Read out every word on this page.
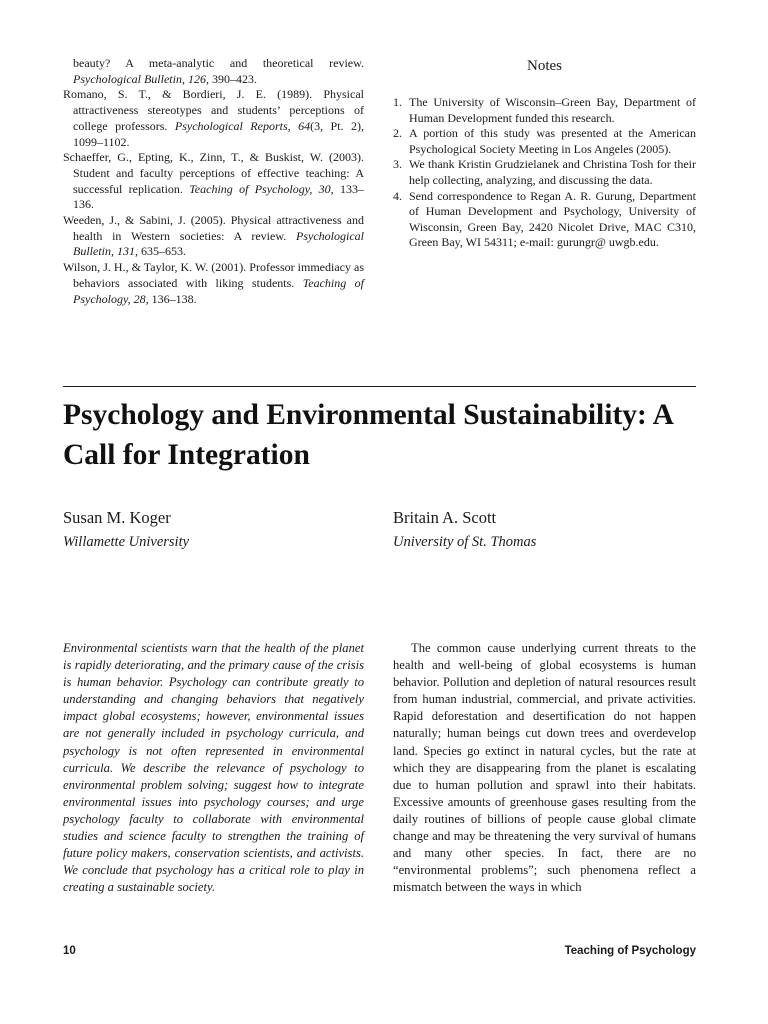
beauty? A meta-analytic and theoretical review. Psychological Bulletin, 126, 390–423.

Romano, S. T., & Bordieri, J. E. (1989). Physical attractiveness stereotypes and students’ perceptions of college professors. Psychological Reports, 64(3, Pt. 2), 1099–1102.

Schaeffer, G., Epting, K., Zinn, T., & Buskist, W. (2003). Student and faculty perceptions of effective teaching: A successful replication. Teaching of Psychology, 30, 133–136.

Weeden, J., & Sabini, J. (2005). Physical attractiveness and health in Western societies: A review. Psychological Bulletin, 131, 635–653.

Wilson, J. H., & Taylor, K. W. (2001). Professor immediacy as behaviors associated with liking students. Teaching of Psychology, 28, 136–138.

Notes
1. The University of Wisconsin–Green Bay, Department of Human Development funded this research.
2. A portion of this study was presented at the American Psychological Society Meeting in Los Angeles (2005).
3. We thank Kristin Grudzielanek and Christina Tosh for their help collecting, analyzing, and discussing the data.
4. Send correspondence to Regan A. R. Gurung, Department of Human Development and Psychology, University of Wisconsin, Green Bay, 2420 Nicolet Drive, MAC C310, Green Bay, WI 54311; e-mail: gurungr@ uwgb.edu.
Psychology and Environmental Sustainability: A Call for Integration
Susan M. Koger
Willamette University
Britain A. Scott
University of St. Thomas

Environmental scientists warn that the health of the planet is rapidly deteriorating, and the primary cause of the crisis is human behavior. Psychology can contribute greatly to understanding and changing behaviors that negatively impact global ecosystems; however, environmental issues are not generally included in psychology curricula, and psychology is not often represented in environmental curricula. We describe the relevance of psychology to environmental problem solving; suggest how to integrate environmental issues into psychology courses; and urge psychology faculty to collaborate with environmental studies and science faculty to strengthen the training of future policy makers, conservation scientists, and activists. We conclude that psychology has a critical role to play in creating a sustainable society.

The common cause underlying current threats to the health and well-being of global ecosystems is human behavior. Pollution and depletion of natural resources result from human industrial, commercial, and private activities. Rapid deforestation and desertification do not happen naturally; human beings cut down trees and overdevelop land. Species go extinct in natural cycles, but the rate at which they are disappearing from the planet is escalating due to human pollution and sprawl into their habitats. Excessive amounts of greenhouse gases resulting from the daily routines of billions of people cause global climate change and may be threatening the very survival of humans and many other species. In fact, there are no “environmental problems”; such phenomena reflect a mismatch between the ways in which

10	Teaching of Psychology
